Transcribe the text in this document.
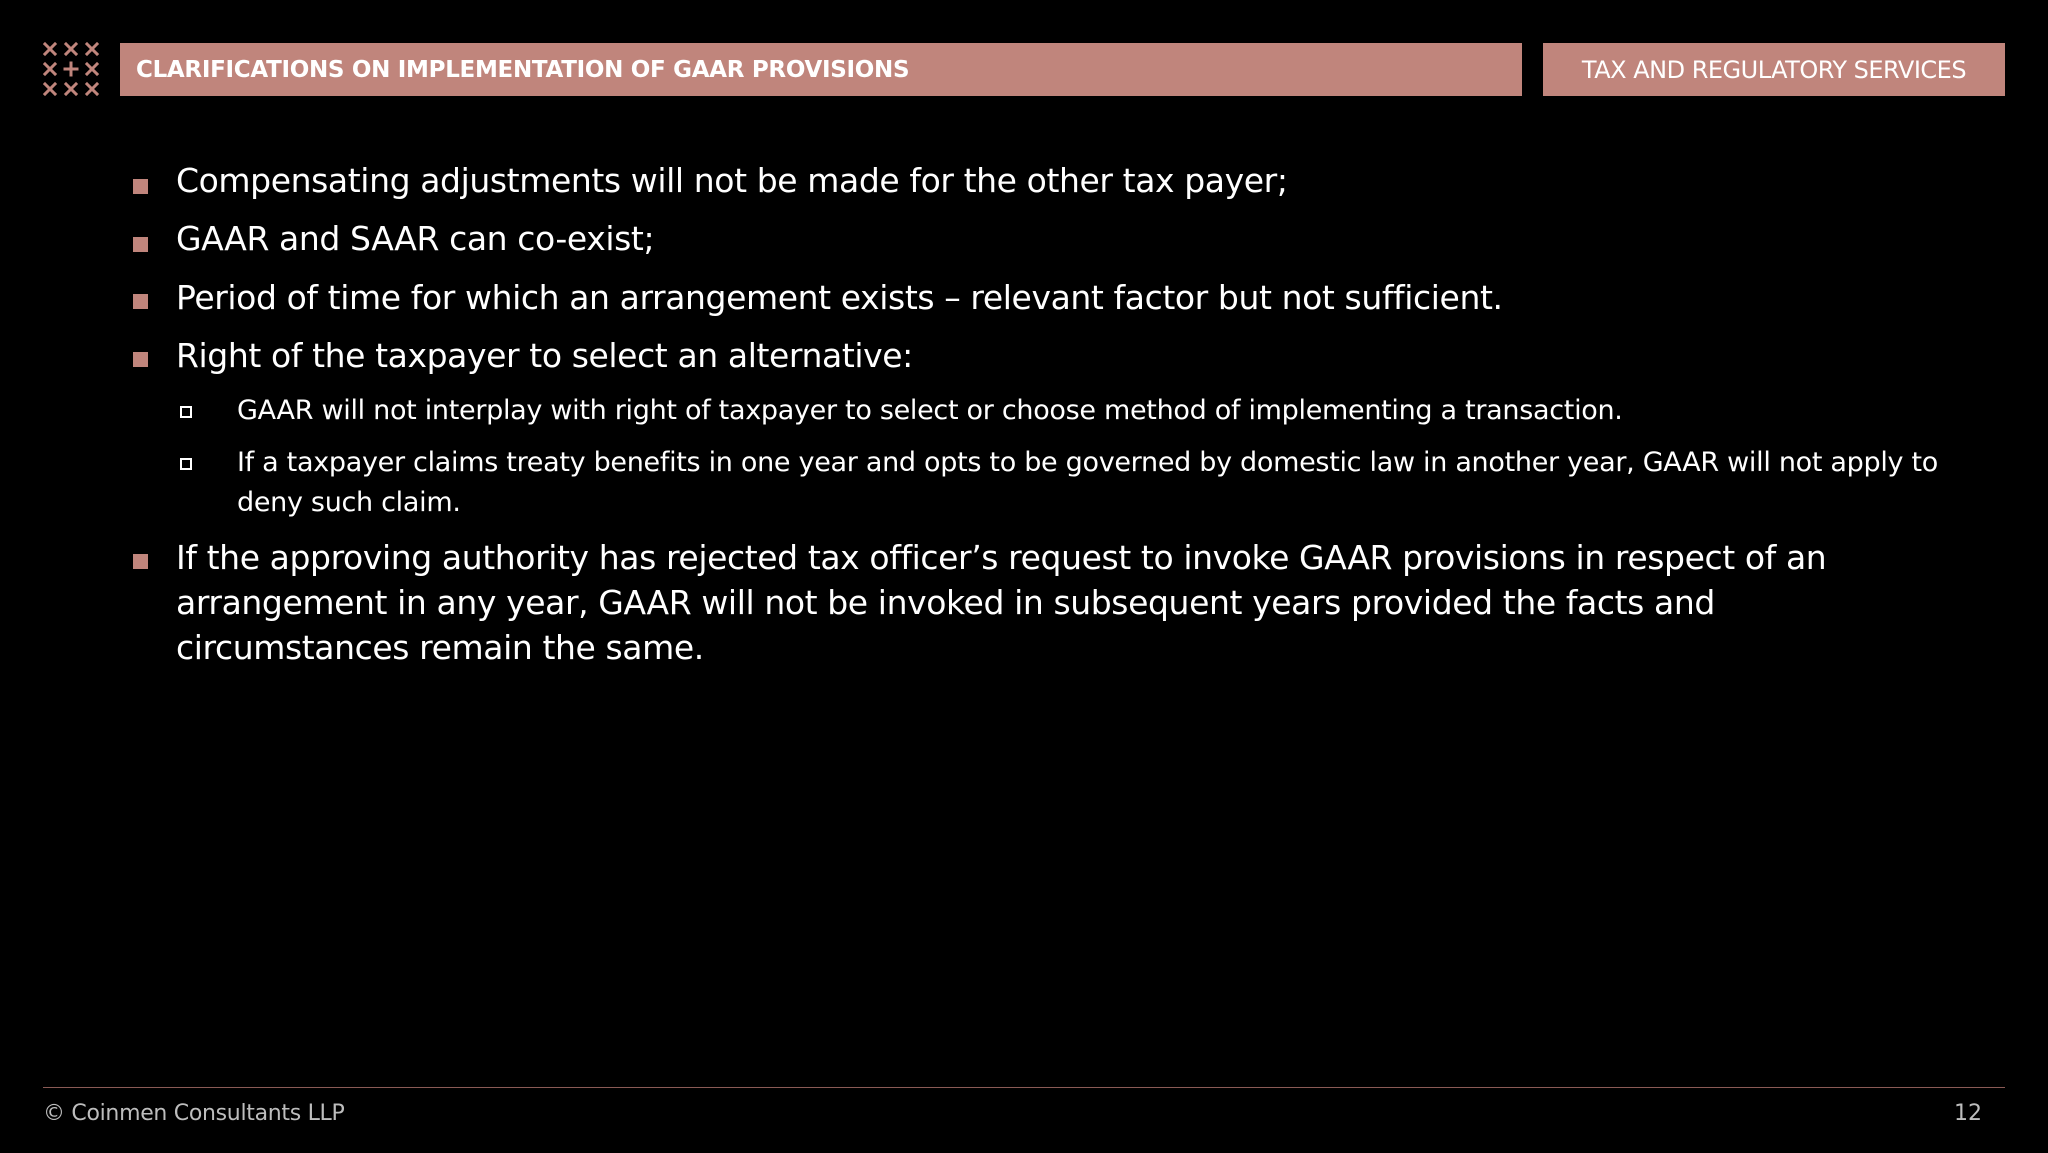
CLARIFICATIONS ON IMPLEMENTATION OF GAAR PROVISIONS	TAX AND REGULATORY SERVICES
Compensating adjustments will not be made for the other tax payer;
GAAR and SAAR can co-exist;
Period of time for which an arrangement exists – relevant factor but not sufficient.
Right of the taxpayer to select an alternative:
GAAR will not interplay with right of taxpayer to select or choose method of implementing a transaction.
If a taxpayer claims treaty benefits in one year and opts to be governed by domestic law in another year, GAAR will not apply to deny such claim.
If the approving authority has rejected tax officer’s request to invoke GAAR provisions in respect of an arrangement in any year, GAAR will not be invoked in subsequent years provided the facts and circumstances remain the same.
© Coinmen Consultants LLP	12
